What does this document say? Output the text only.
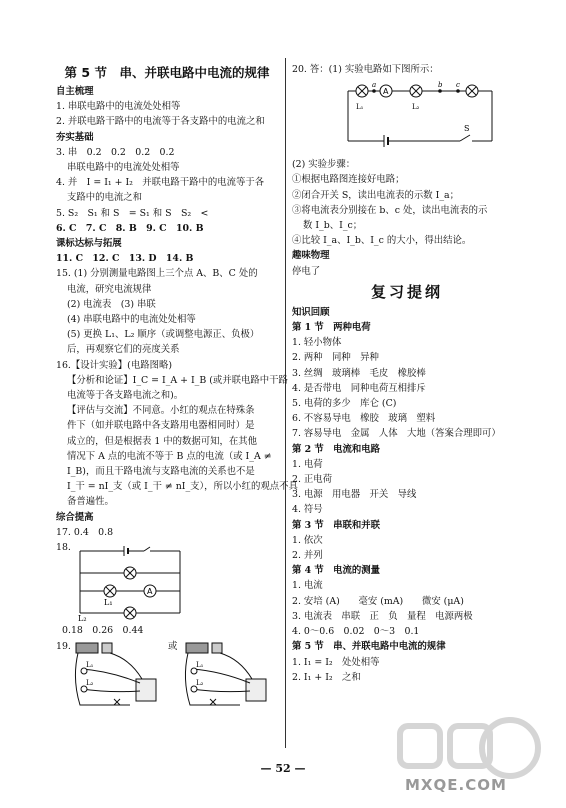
第 5 节　串、并联电路中电流的规律
自主梳理
1. 串联电路中的电流处处相等
2. 并联电路干路中的电流等于各支路中的电流之和
夯实基础
3. 串　0.2　0.2　0.2　0.2
串联电路中的电流处处相等
4. 并　I = I₁ + I₂　并联电路干路中的电流等于各
支路中的电流之和
5. S₂　S₁ 和 S　= S₁ 和 S　S₂　<
6. C　7. C　8. B　9. C　10. B
课标达标与拓展
11. C　12. C　13. D　14. B
15. (1) 分别测量电路图上三个点 A、B、C 处的
电流，研究电流规律
(2) 电流表　(3) 串联
(4) 串联电路中的电流处处相等
(5) 更换 L₁、L₂ 顺序（或调整电源正、负极）
后，再观察它们的亮度关系
16.【设计实验】(电路图略)
【分析和论证】I_C = I_A + I_B (或并联电路中干路
电流等于各支路电流之和)。
【评估与交流】不同意。小红的观点在特殊条
件下（如并联电路中各支路用电器相同时）是
成立的，但是根据表 1 中的数据可知，在其他
情况下 A 点的电流不等于 B 点的电流（或 I_A ≠
I_B)，而且干路电流与支路电流的关系也不是
I_干 = nI_支（或 I_干 ≠ nI_支），所以小红的观点不具
备普遍性。
综合提高
17. 0.4　0.8
18.
A
L₁
L₂
0.18　0.26　0.44
19.	或
L₁
L₂
L₁
L₂
20. 答：(1) 实验电路如下图所示：
A
a	b c
L₁	L₂
S
(2) 实验步骤：
①根据电路图连接好电路；
②闭合开关 S，读出电流表的示数 I_a；
③将电流表分别接在 b、c 处，读出电流表的示
数 I_b、I_c；
④比较 I_a、I_b、I_c 的大小，得出结论。
趣味物理
停电了
复习提纲
知识回顾
第 1 节　两种电荷
1. 轻小物体
2. 两种　同种　异种
3. 丝绸　玻璃棒　毛皮　橡胶棒
4. 是否带电　同种电荷互相排斥
5. 电荷的多少　库仑 (C)
6. 不容易导电　橡胶　玻璃　塑料
7. 容易导电　金属　人体　大地（答案合理即可）
第 2 节　电流和电路
1. 电荷
2. 正电荷
3. 电源　用电器　开关　导线
4. 符号
第 3 节　串联和并联
1. 依次
2. 并列
第 4 节　电流的测量
1. 电流
2. 安培 (A)　　毫安 (mA)　　微安 (μA)
3. 电流表　串联　正　负　量程　电源两极
4. 0～0.6　0.02　0～3　0.1
第 5 节　串、并联电路中电流的规律
1. I₁ = I₂　处处相等
2. I₁ + I₂　之和
— 52 —
MXQE.COM
